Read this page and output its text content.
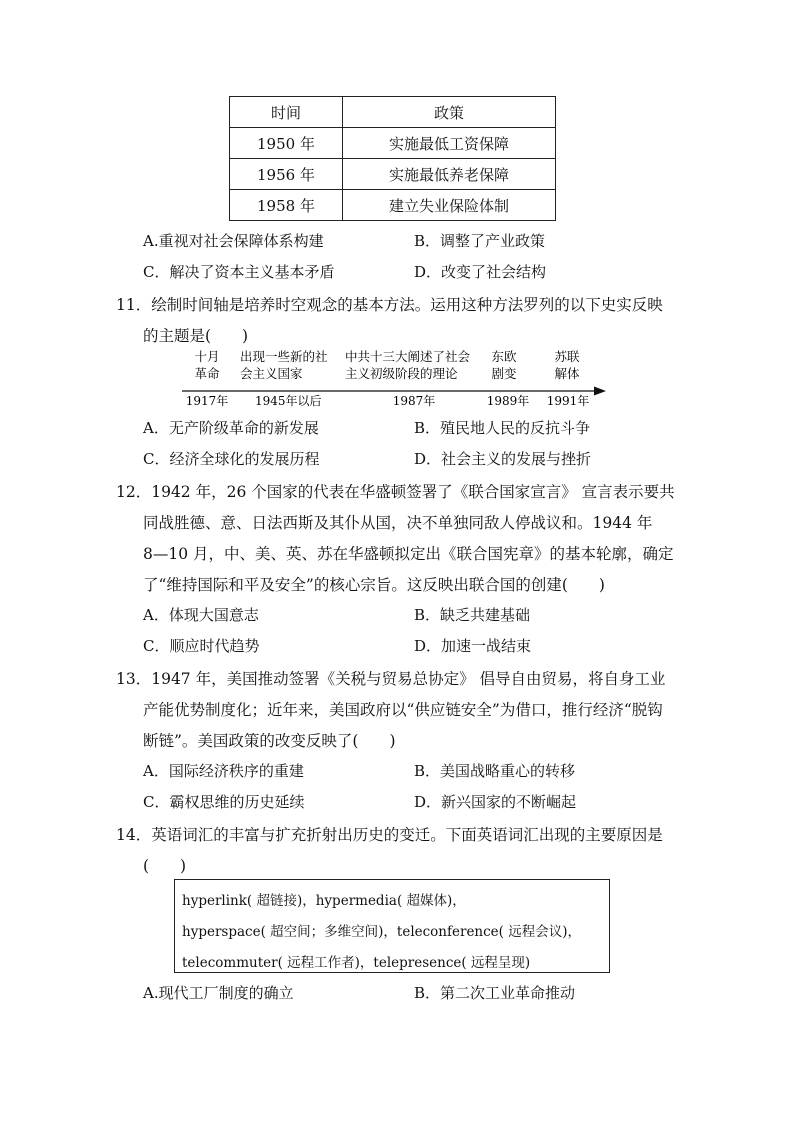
时间	政策
1950 年	实施最低工资保障
1956 年	实施最低养老保障
1958 年	建立失业保险体制
A.重视对社会保障体系构建	B．调整了产业政策
C．解决了资本主义基本矛盾	D．改变了社会结构
11．绘制时间轴是培养时空观念的基本方法。运用这种方法罗列的以下史实反映
的主题是(　　)
十月
革命
1917年
出现一些新的社
会主义国家
1945年以后
中共十三大阐述了社会
主义初级阶段的理论
1987年
东欧
剧变
1989年
苏联
解体
1991年
A．无产阶级革命的新发展	B．殖民地人民的反抗斗争
C．经济全球化的发展历程	D．社会主义的发展与挫折
12．1942 年，26 个国家的代表在华盛顿签署了《联合国家宣言》 宣言表示要共
同战胜德、意、日法西斯及其仆从国，决不单独同敌人停战议和。1944 年
8—10 月，中、美、英、苏在华盛顿拟定出《联合国宪章》的基本轮廓，确定
了“维持国际和平及安全”的核心宗旨。这反映出联合国的创建(　　)
A．体现大国意志	B．缺乏共建基础
C．顺应时代趋势	D．加速一战结束
13．1947 年，美国推动签署《关税与贸易总协定》 倡导自由贸易，将自身工业
产能优势制度化；近年来，美国政府以“供应链安全”为借口，推行经济“脱钩
断链”。美国政策的改变反映了(　　)
A．国际经济秩序的重建	B．美国战略重心的转移
C．霸权思维的历史延续	D．新兴国家的不断崛起
14．英语词汇的丰富与扩充折射出历史的变迁。下面英语词汇出现的主要原因是
(　　)
hyperlink( 超链接)，hypermedia( 超媒体)，
hyperspace( 超空间；多维空间)，teleconference( 远程会议)，
telecommuter( 远程工作者)，telepresence( 远程呈现)
A.现代工厂制度的确立	B．第二次工业革命推动
